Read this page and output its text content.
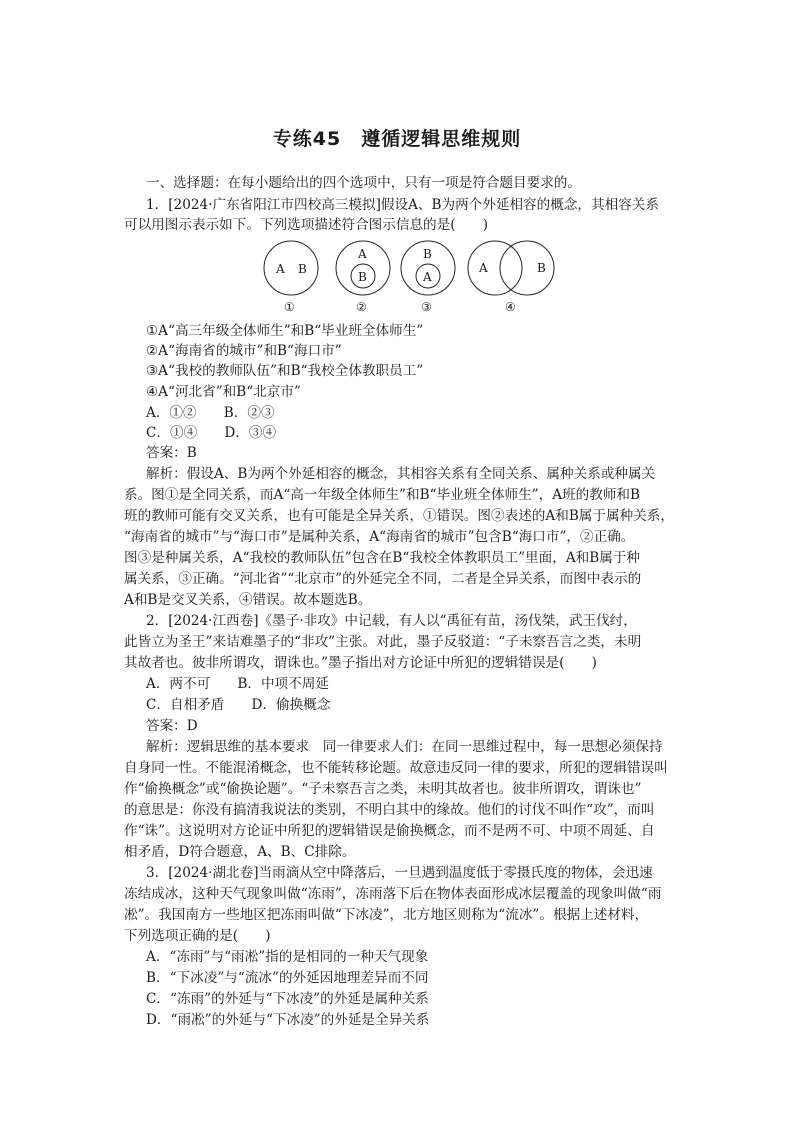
专练45　遵循逻辑思维规则
一、选择题：在每小题给出的四个选项中，只有一项是符合题目要求的。
1．[2024·广东省阳江市四校高三模拟]假设A、B为两个外延相容的概念，其相容关系
可以用图示表示如下。下列选项描述符合图示信息的是(　　)
A B
①
A
B
②
B
A
③
A	B
④
①A“高三年级全体师生”和B“毕业班全体师生”
②A“海南省的城市”和B“海口市”
③A“我校的教师队伍”和B“我校全体教职员工”
④A“河北省”和B“北京市”
A．①②　　B．②③
C．①④　　D．③④
答案：B
解析：假设A、B为两个外延相容的概念，其相容关系有全同关系、属种关系或种属关
系。图①是全同关系，而A“高一年级全体师生”和B“毕业班全体师生”，A班的教师和B
班的教师可能有交叉关系，也有可能是全异关系，①错误。图②表述的A和B属于属种关系，
“海南省的城市”与“海口市”是属种关系，A“海南省的城市”包含B“海口市”，②正确。
图③是种属关系，A“我校的教师队伍”包含在B“我校全体教职员工”里面，A和B属于种
属关系，③正确。“河北省”“北京市”的外延完全不同，二者是全异关系，而图中表示的
A和B是交叉关系，④错误。故本题选B。
2．[2024·江西卷]《墨子·非攻》中记载，有人以“禹征有苗，汤伐桀，武王伐纣，
此皆立为圣王”来诘难墨子的“非攻”主张。对此，墨子反驳道：“子未察吾言之类，未明
其故者也。彼非所谓攻，谓诛也。”墨子指出对方论证中所犯的逻辑错误是(　　)
A．两不可　　B．中项不周延
C．自相矛盾　　D．偷换概念
答案：D
解析：逻辑思维的基本要求　同一律要求人们：在同一思维过程中，每一思想必须保持
自身同一性。不能混淆概念，也不能转移论题。故意违反同一律的要求，所犯的逻辑错误叫
作“偷换概念”或“偷换论题”。“子未察吾言之类，未明其故者也。彼非所谓攻，谓诛也”
的意思是：你没有搞清我说法的类别，不明白其中的缘故。他们的讨伐不叫作“攻”，而叫
作“诛”。这说明对方论证中所犯的逻辑错误是偷换概念，而不是两不可、中项不周延、自
相矛盾，D符合题意，A、B、C排除。
3．[2024·湖北卷]当雨滴从空中降落后，一旦遇到温度低于零摄氏度的物体，会迅速
冻结成冰，这种天气现象叫做“冻雨”，冻雨落下后在物体表面形成冰层覆盖的现象叫做“雨
凇”。我国南方一些地区把冻雨叫做“下冰凌”，北方地区则称为“流冰”。根据上述材料，
下列选项正确的是(　　)
A．“冻雨”与“雨凇”指的是相同的一种天气现象
B．“下冰凌”与“流冰”的外延因地理差异而不同
C．“冻雨”的外延与“下冰凌”的外延是属种关系
D．“雨凇”的外延与“下冰凌”的外延是全异关系
